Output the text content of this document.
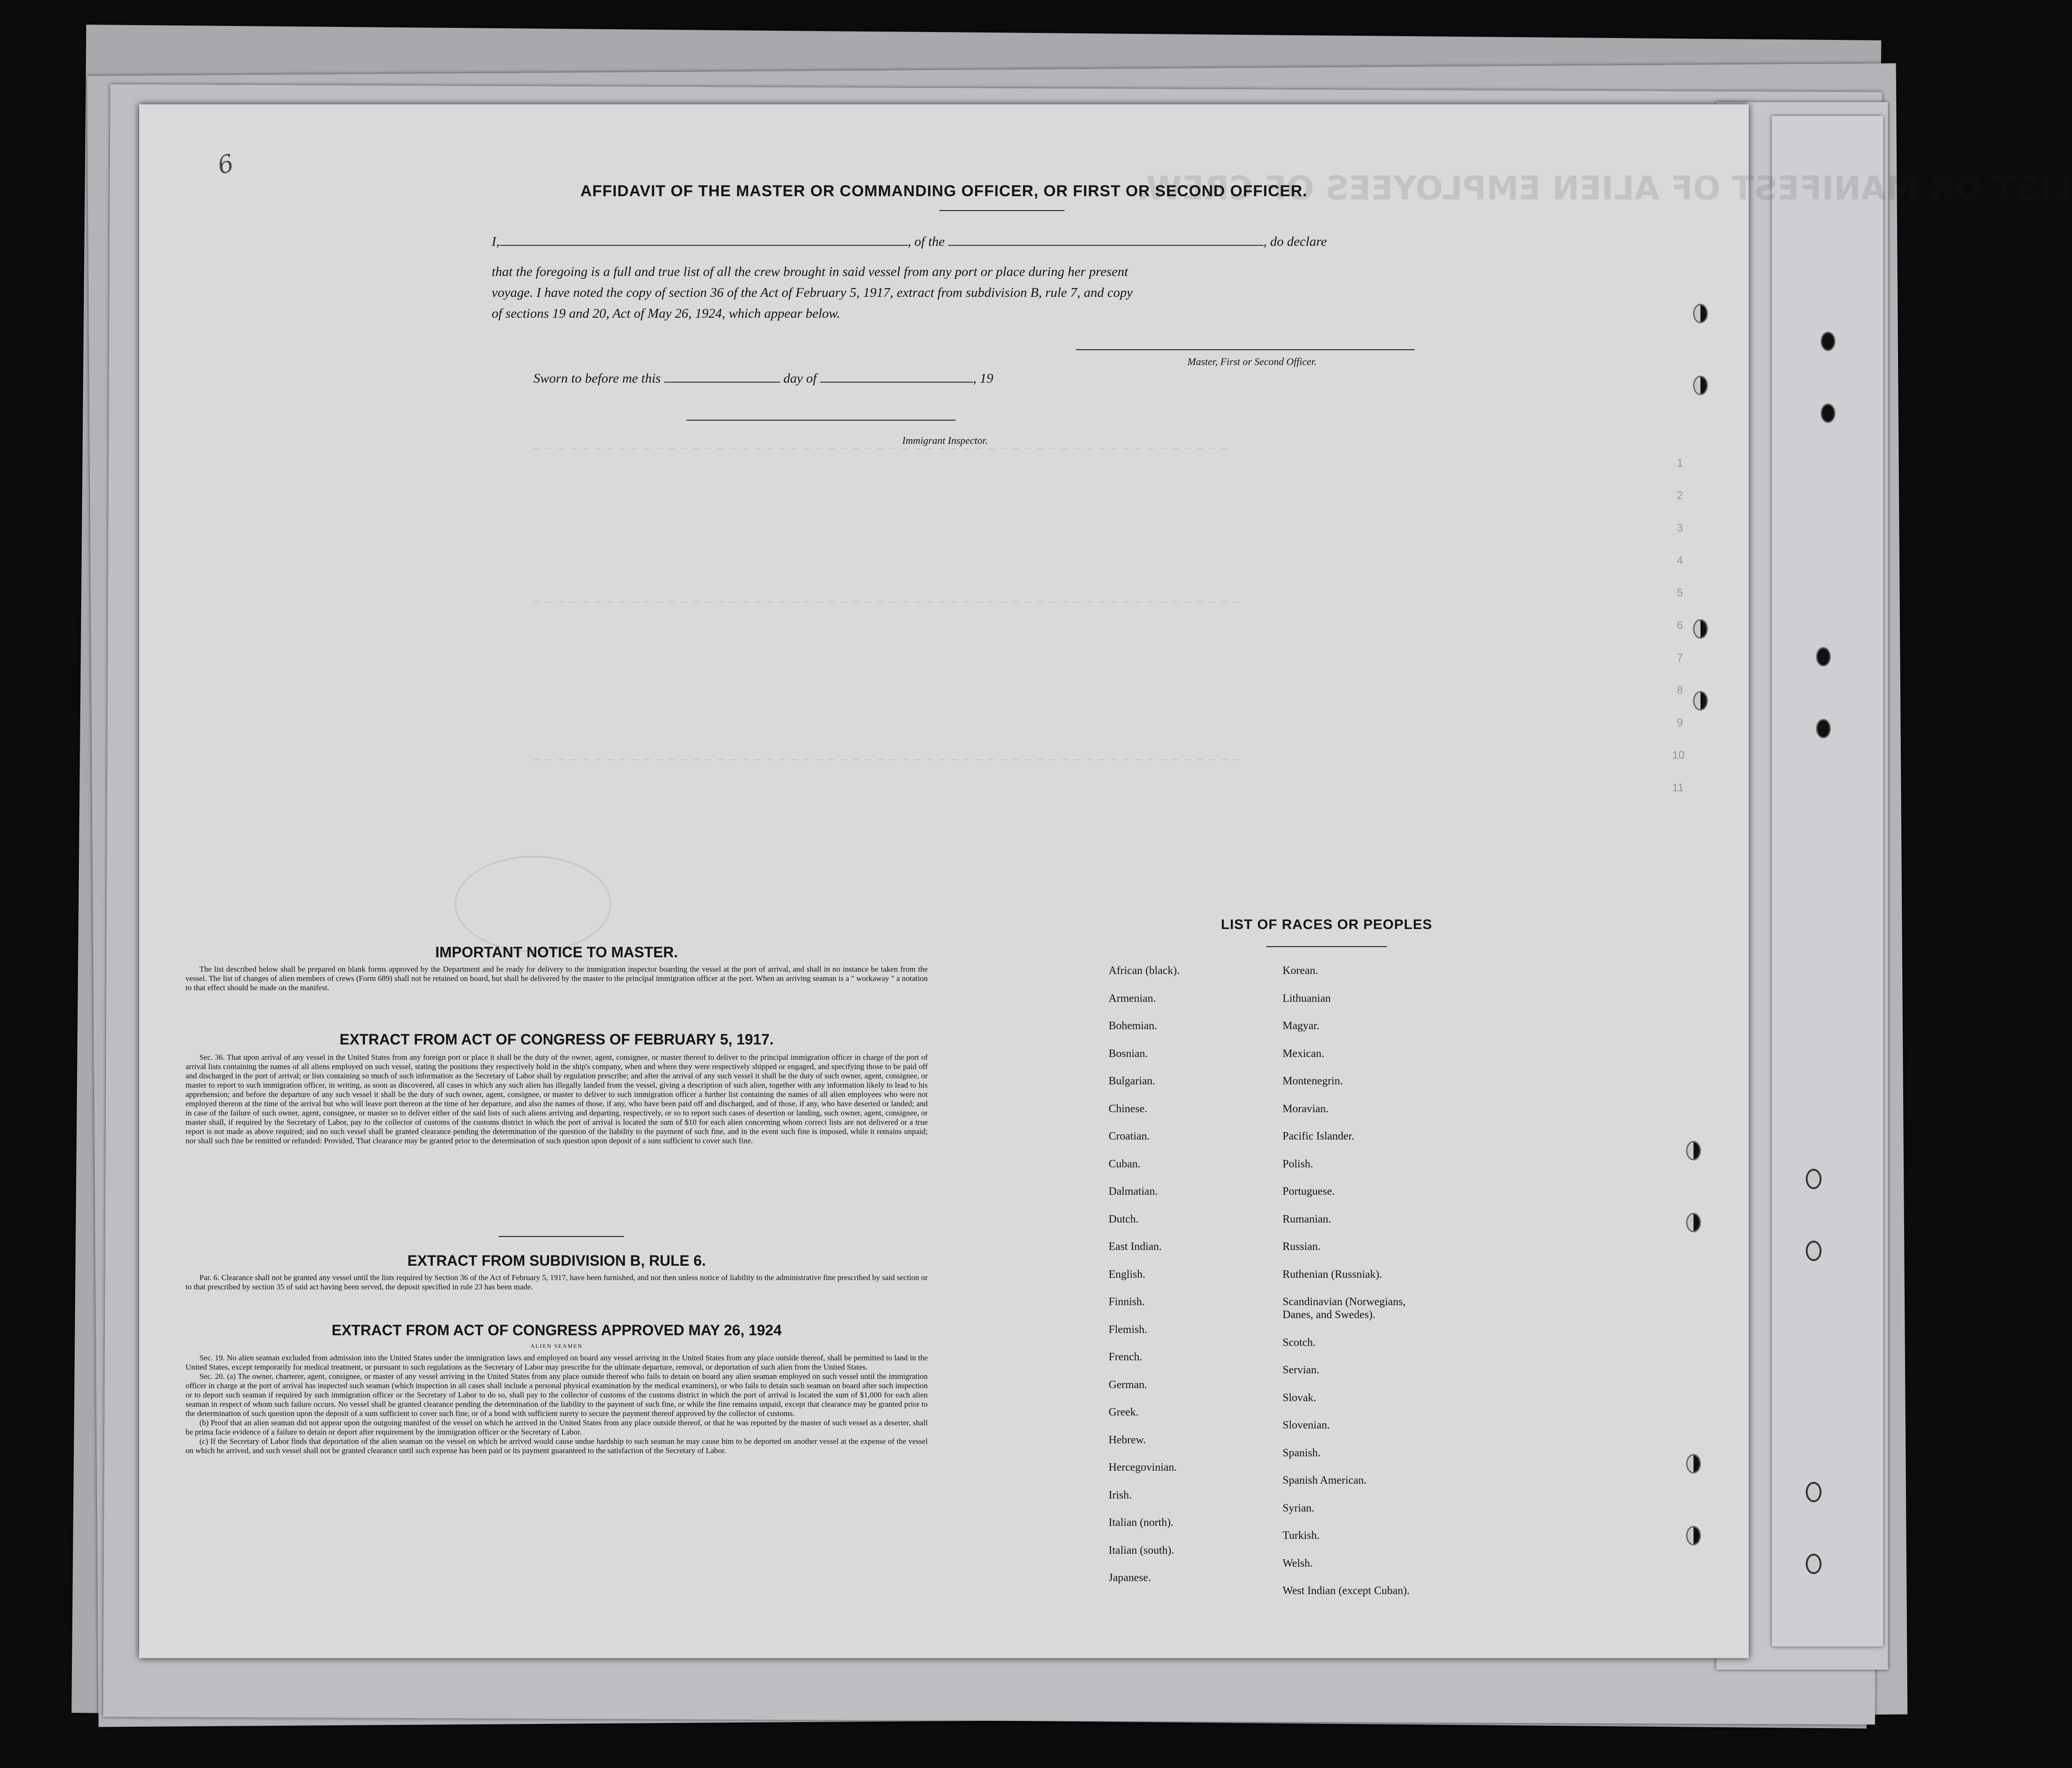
LIST OR MANIFEST OF ALIEN EMPLOYEES OF CREW.
— — — — — — — — — — — — — — — — — — — — — — — — — — — — — — — — — — — — — — — — — — — — — — — — — — — — — — — — —
— — — — — — — — — — — — — — — — — — — — — — — — — — — — — — — — — — — — — — — — — — — — — — — — — — — — — — — — — —
— — — — — — — — — — — — — — — — — — — — — — — — — — — — — — — — — — — — — — — — — — — — — — — — — — — — — — — — — —
1
2
3
4
5
6
7
8
9
10
11
6
AFFIDAVIT OF THE MASTER OR COMMANDING OFFICER, OR FIRST OR SECOND OFFICER.
I,	, of the	, do declare
that the foregoing is a full and true list of all the crew brought in said vessel from any port or place during her present
voyage. I have noted the copy of section 36 of the Act of February 5, 1917, extract from subdivision B, rule 7, and copy
of sections 19 and 20, Act of May 26, 1924, which appear below.
Master, First or Second Officer.
Sworn to before me this	day of	, 19
Immigrant Inspector.
IMPORTANT NOTICE TO MASTER.

The list described below shall be prepared on blank forms approved by the Department and be ready for delivery to the immigration inspector boarding the vessel at the port of arrival, and shall in no instance be taken from the vessel. The list of changes of alien members of crews (Form 689) shall not be retained on board, but shall be delivered by the master to the principal immigration officer at the port. When an arriving seaman is a " workaway " a notation to that effect should be made on the manifest.

EXTRACT FROM ACT OF CONGRESS OF FEBRUARY 5, 1917.

Sec. 36. That upon arrival of any vessel in the United States from any foreign port or place it shall be the duty of the owner, agent, consignee, or master thereof to deliver to the principal immigration officer in charge of the port of arrival lists containing the names of all aliens employed on such vessel, stating the positions they respectively hold in the ship's company, when and where they were respectively shipped or engaged, and specifying those to be paid off and discharged in the port of arrival; or lists containing so much of such information as the Secretary of Labor shall by regulation prescribe; and after the arrival of any such vessel it shall be the duty of such owner, agent, consignee, or master to report to such immigration officer, in writing, as soon as discovered, all cases in which any such alien has illegally landed from the vessel, giving a description of such alien, together with any information likely to lead to his apprehension; and before the departure of any such vessel it shall be the duty of such owner, agent, consignee, or master to deliver to such immigration officer a further list containing the names of all alien employees who were not employed thereon at the time of the arrival but who will leave port thereon at the time of her departure, and also the names of those, if any, who have been paid off and discharged, and of those, if any, who have deserted or landed; and in case of the failure of such owner, agent, consignee, or master so to deliver either of the said lists of such aliens arriving and departing, respectively, or so to report such cases of desertion or landing, such owner, agent, consignee, or master shall, if required by the Secretary of Labor, pay to the collector of customs of the customs district in which the port of arrival is located the sum of $10 for each alien concerning whom correct lists are not delivered or a true report is not made as above required; and no such vessel shall be granted clearance pending the determination of the question of the liability to the payment of such fine, and in the event such fine is imposed, while it remains unpaid; nor shall such fine be remitted or refunded: Provided, That clearance may be granted prior to the determination of such question upon deposit of a sum sufficient to cover such fine.

EXTRACT FROM SUBDIVISION B, RULE 6.

Par. 6. Clearance shall not be granted any vessel until the lists required by Section 36 of the Act of February 5, 1917, have been furnished, and not then unless notice of liability to the administrative fine prescribed by said section or to that prescribed by section 35 of said act having been served, the deposit specified in rule 23 has been made.

EXTRACT FROM ACT OF CONGRESS APPROVED MAY 26, 1924
ALIEN SEAMEN

Sec. 19. No alien seaman excluded from admission into the United States under the immigration laws and employed on board any vessel arriving in the United States from any place outside thereof, shall be permitted to land in the United States, except temporarily for medical treatment, or pursuant to such regulations as the Secretary of Labor may prescribe for the ultimate departure, removal, or deportation of such alien from the United States.

Sec. 20. (a) The owner, charterer, agent, consignee, or master of any vessel arriving in the United States from any place outside thereof who fails to detain on board any alien seaman employed on such vessel until the immigration officer in charge at the port of arrival has inspected such seaman (which inspection in all cases shall include a personal physical examination by the medical examiners), or who fails to detain such seaman on board after such inspection or to deport such seaman if required by such immigration officer or the Secretary of Labor to do so, shall pay to the collector of customs of the customs district in which the port of arrival is located the sum of $1,000 for each alien seaman in respect of whom such failure occurs. No vessel shall be granted clearance pending the determination of the liability to the payment of such fine, or while the fine remains unpaid, except that clearance may be granted prior to the determination of such question upon the deposit of a sum sufficient to cover such fine, or of a bond with sufficient surety to secure the payment thereof approved by the collector of customs.

(b) Proof that an alien seaman did not appear upon the outgoing manifest of the vessel on which he arrived in the United States from any place outside thereof, or that he was reported by the master of such vessel as a deserter, shall be prima facie evidence of a failure to detain or deport after requirement by the immigration officer or the Secretary of Labor.

(c) If the Secretary of Labor finds that deportation of the alien seaman on the vessel on which he arrived would cause undue hardship to such seaman he may cause him to be deported on another vessel at the expense of the vessel on which he arrived, and such vessel shall not be granted clearance until such expense has been paid or its payment guaranteed to the satisfaction of the Secretary of Labor.

LIST OF RACES OR PEOPLES
African (black).
Armenian.
Bohemian.
Bosnian.
Bulgarian.
Chinese.
Croatian.
Cuban.
Dalmatian.
Dutch.
East Indian.
English.
Finnish.
Flemish.
French.
German.
Greek.
Hebrew.
Hercegovinian.
Irish.
Italian (north).
Italian (south).
Japanese.
Korean.
Lithuanian
Magyar.
Mexican.
Montenegrin.
Moravian.
Pacific Islander.
Polish.
Portuguese.
Rumanian.
Russian.
Ruthenian (Russniak).
Scandinavian (Norwegians,
Danes, and Swedes).
Scotch.
Servian.
Slovak.
Slovenian.
Spanish.
Spanish American.
Syrian.
Turkish.
Welsh.
West Indian (except Cuban).
